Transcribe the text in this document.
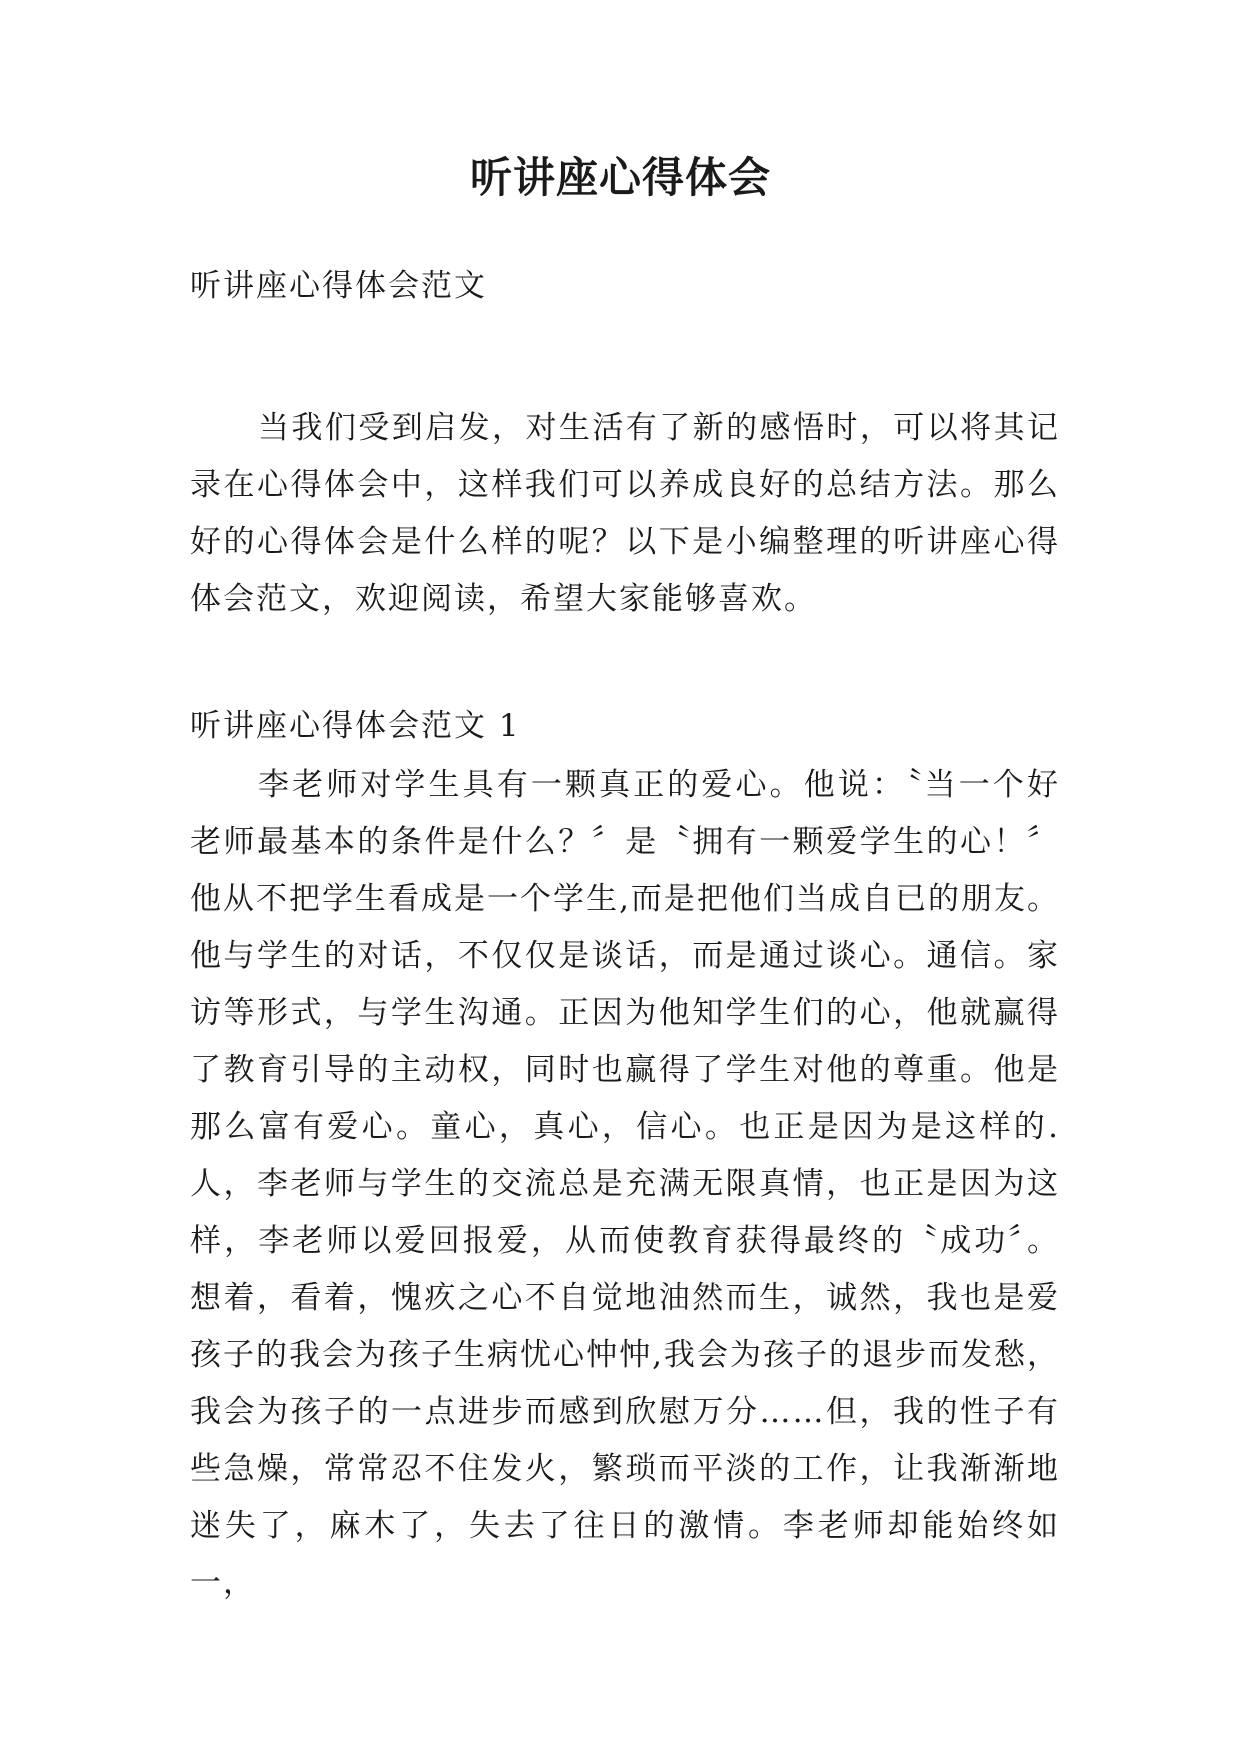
听讲座心得体会
听讲座心得体会范文
当我们受到启发，对生活有了新的感悟时，可以将其记录在心得体会中，这样我们可以养成良好的总结方法。那么好的心得体会是什么样的呢？以下是小编整理的听讲座心得体会范文，欢迎阅读，希望大家能够喜欢。
听讲座心得体会范文 1
李老师对学生具有一颗真正的爱心。他说：〝当一个好老师最基本的条件是什么？〞是〝拥有一颗爱学生的心！〞他从不把学生看成是一个学生,而是把他们当成自已的朋友。他与学生的对话，不仅仅是谈话，而是通过谈心。通信。家访等形式，与学生沟通。正因为他知学生们的心，他就赢得了教育引导的主动权，同时也赢得了学生对他的尊重。他是那么富有爱心。童心，真心，信心。也正是因为是这样的.人，李老师与学生的交流总是充满无限真情，也正是因为这样，李老师以爱回报爱，从而使教育获得最终的〝成功〞。想着，看着，愧疚之心不自觉地油然而生，诚然，我也是爱孩子的我会为孩子生病忧心忡忡,我会为孩子的退步而发愁，我会为孩子的一点进步而感到欣慰万分……但，我的性子有些急燥，常常忍不住发火，繁琐而平淡的工作，让我渐渐地迷失了，麻木了，失去了往日的激情。李老师却能始终如一，
